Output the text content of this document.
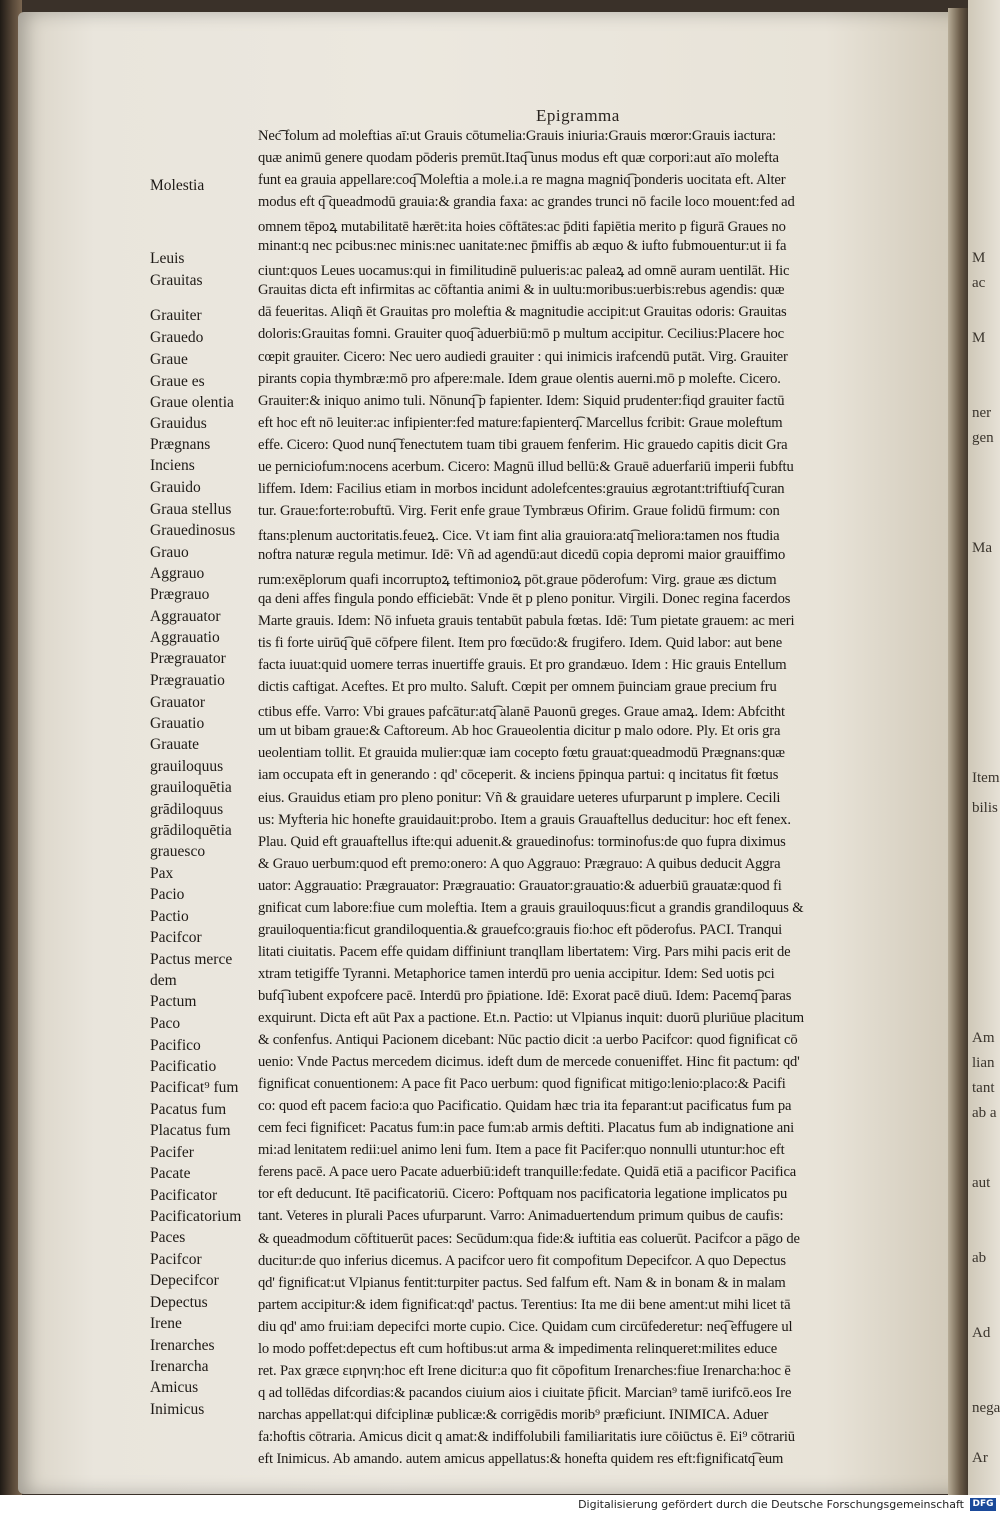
M
ac
M
ner
gen
Ma
Item
bilis
Am
lian
tant
ab a
aut
ab
Ad
nega
Ar
Epigramma
Molestia
Leuis
Grauitas
Grauiter
Grauedo
Graue
Graue es
Graue olentia
Grauidus
Prægnans
Inciens
Grauido
Graua stellus
Grauedinosus
Grauo
Aggrauo
Prægrauo
Aggrauator
Aggrauatio
Prægrauator
Prægrauatio
Grauator
Grauatio
Grauate
grauiloquus
grauiloquētia
grādiloquus
grādiloquētia
grauesco
Pax
Pacio
Pactio
Pacifcor
Pactus merce
dem
Pactum
Paco
Pacifico
Pacificatio
Pacificat⁹ fum
Pacatus fum
Placatus fum
Pacifer
Pacate
Pacificator
Pacificatorium
Paces
Pacifcor
Depecifcor
Depectus
Irene
Irenarches
Irenarcha
Amicus
Inimicus
Nec͡ folum ad moleftias aī:ut Grauis cōtumelia:Grauis iniuria:Grauis mœror:Grauis iactura:
quæ animū genere quodam pōderis premūt.Itaq͡ unus modus eft quæ corpori:aut aīo molefta
funt ea grauia appellare:coq͡ Moleftia a mole.i.a re magna magniq͡ ponderis uocitata eft. Alter
modus eft q͡ queadmodū grauia:& grandia faxa: ac grandes trunci nō facile loco mouent:fed ad
omnem tēpoꝝ mutabilitatē hærēt:ita hoies cōftātes:ac p̄diti fapiētia merito p figurā Graues no
minant:q nec pcibus:nec minis:nec uanitate:nec p̄miffis ab æquo & iufto fubmouentur:ut ii fa
ciunt:quos Leues uocamus:qui in fimilitudinē pulueris:ac paleaꝝ ad omnē auram uentilāt. Hic
Grauitas dicta eft infirmitas ac cōftantia animi & in uultu:moribus:uerbis:rebus agendis: quæ
dā feueritas. Aliqñ ēt Grauitas pro moleftia & magnitudie accipit:ut Grauitas odoris: Grauitas
doloris:Grauitas fomni. Grauiter quoq͡ aduerbiū:mō p multum accipitur. Cecilius:Placere hoc
cœpit grauiter. Cicero: Nec uero audiedi grauiter : qui inimicis irafcendū putāt. Virg. Grauiter
pirants copia thymbræ:mō pro afpere:male. Idem graue olentis auerni.mō p molefte. Cicero.
Grauiter:& iniquo animo tuli. Nōnunq͡ p fapienter. Idem: Siquid prudenter:fiqd grauiter factū
eft hoc eft nō leuiter:ac infipienter:fed mature:fapienterq͡. Marcellus fcribit: Graue moleftum
effe. Cicero: Quod nunq͡ fenectutem tuam tibi grauem fenferim. Hic grauedo capitis dicit Gra
ue perniciofum:nocens acerbum. Cicero: Magnū illud bellū:& Grauē aduerfariū imperii fubftu
liffem. Idem: Facilius etiam in morbos incidunt adolefcentes:grauius ægrotant:triftiufq͡ curan
tur. Graue:forte:robuftū. Virg. Ferit enfe graue Tymbræus Ofirim. Graue folidū firmum: con
ftans:plenum auctoritatis.feueꝝ. Cice. Vt iam fint alia grauiora:atq͡ meliora:tamen nos ftudia
noftra naturæ regula metimur. Idē: Vñ ad agendū:aut dicedū copia depromi maior grauiffimo
rum:exēplorum quafi incorruptoꝝ teftimonioꝝ pōt.graue pōderofum: Virg. graue æs dictum
qa deni affes fingula pondo efficiebāt: Vnde ēt p pleno ponitur. Virgili. Donec regina facerdos
Marte grauis. Idem: Nō infueta grauis tentabūt pabula fœtas. Idē: Tum pietate grauem: ac meri
tis fi forte uirūq͡ quē cōfpere filent. Item pro fœcūdo:& frugifero. Idem. Quid labor: aut bene
facta iuuat:quid uomere terras inuertiffe grauis. Et pro grandæuo. Idem : Hic grauis Entellum
dictis caftigat. Aceftes. Et pro multo. Saluft. Cœpit per omnem p̄uinciam graue precium fru
ctibus effe. Varro: Vbi graues pafcātur:atq͡ alanē Pauonū greges. Graue amaꝝ. Idem: Abfcitht
um ut bibam graue:& Caftoreum. Ab hoc Graueolentia dicitur p malo odore. Ply. Et oris gra
ueolentiam tollit. Et grauida mulier:quæ iam cocepto fœtu grauat:queadmodū Prægnans:quæ
iam occupata eft in generando : qd' cōceperit. & inciens p̄pinqua partui: q incitatus fit fœtus
eius. Grauidus etiam pro pleno ponitur: Vñ & grauidare ueteres ufurparunt p implere. Cecili
us: Myfteria hic honefte grauidauit:probo. Item a grauis Grauaftellus deducitur: hoc eft fenex.
Plau. Quid eft grauaftellus ifte:qui aduenit.& grauedinofus: torminofus:de quo fupra diximus
& Grauo uerbum:quod eft premo:onero: A quo Aggrauo: Prægrauo: A quibus deducit Aggra
uator: Aggrauatio: Prægrauator: Prægrauatio: Grauator:grauatio:& aduerbiū grauatæ:quod fi
gnificat cum labore:fiue cum moleftia. Item a grauis grauiloquus:ficut a grandis grandiloquus &
grauiloquentia:ficut grandiloquentia.& grauefco:grauis fio:hoc eft pōderofus. PACI. Tranqui
litati ciuitatis. Pacem effe quidam diffiniunt tranqllam libertatem: Virg. Pars mihi pacis erit de
xtram tetigiffe Tyranni. Metaphorice tamen interdū pro uenia accipitur. Idem: Sed uotis pci
bufq͡ iubent expofcere pacē. Interdū pro p̄piatione. Idē: Exorat pacē diuū. Idem: Pacemq͡ paras
exquirunt. Dicta eft aūt Pax a pactione. Et.n. Pactio: ut Vlpianus inquit: duorū pluriūue placitum
& confenfus. Antiqui Pacionem dicebant: Nūc pactio dicit :a uerbo Pacifcor: quod fignificat cō
uenio: Vnde Pactus mercedem dicimus. ideft dum de mercede conueniffet. Hinc fit pactum: qd'
fignificat conuentionem: A pace fit Paco uerbum: quod fignificat mitigo:lenio:placo:& Pacifi
co: quod eft pacem facio:a quo Pacificatio. Quidam hæc tria ita feparant:ut pacificatus fum pa
cem feci fignificet: Pacatus fum:in pace fum:ab armis deftiti. Placatus fum ab indignatione ani
mi:ad lenitatem redii:uel animo leni fum. Item a pace fit Pacifer:quo nonnulli utuntur:hoc eft
ferens pacē. A pace uero Pacate aduerbiū:ideft tranquille:fedate. Quidā etiā a pacificor Pacifica
tor eft deducunt. Itē pacificatoriū. Cicero: Poftquam nos pacificatoria legatione implicatos pu
tant. Veteres in plurali Paces ufurparunt. Varro: Animaduertendum primum quibus de caufis:
& queadmodum cōftituerūt paces: Secūdum:qua fide:& iuftitia eas coluerūt. Pacifcor a pāgo de
ducitur:de quo inferius dicemus. A pacifcor uero fit compofitum Depecifcor. A quo Depectus
qd' fignificat:ut Vlpianus fentit:turpiter pactus. Sed falfum eft. Nam & in bonam & in malam
partem accipitur:& idem fignificat:qd' pactus. Terentius: Ita me dii bene ament:ut mihi licet tā
diu qd' amo frui:iam depecifci morte cupio. Cice. Quidam cum circūfederetur: neq͡ effugere ul
lo modo poffet:depectus eft cum hoftibus:ut arma & impedimenta relinqueret:milites educe
ret. Pax græce ειρηνη:hoc eft Irene dicitur:a quo fit cōpofitum Irenarches:fiue Irenarcha:hoc ē
q ad tollēdas difcordias:& pacandos ciuium aios i ciuitate p̄ficit. Marcian⁹ tamē iurifcō.eos Ire
narchas appellat:qui difciplinæ publicæ:& corrigēdis morib⁹ præficiunt. INIMICA. Aduer
fa:hoftis cōtraria. Amicus dicit q amat:& indiffolubili familiaritatis iure cōiūctus ē. Ei⁹ cōtrariū
eft Inimicus. Ab amando. autem amicus appellatus:& honefta quidem res eft:fignificatq͡ eum
Digitalisierung gefördert durch die Deutsche Forschungsgemeinschaft DFG
